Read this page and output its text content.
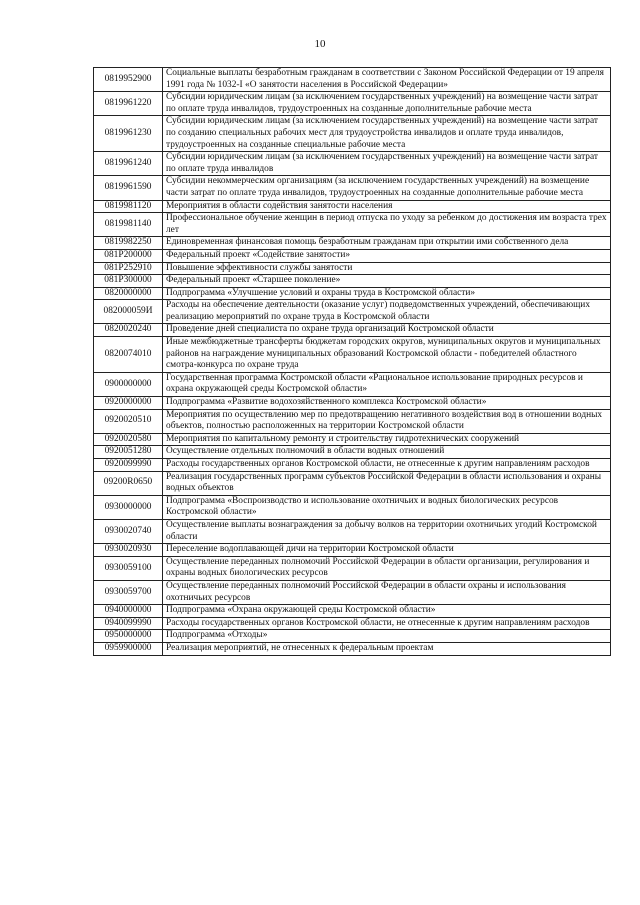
10
0819952900	Социальные выплаты безработным гражданам в соответствии с Законом Российской Федерации от 19 апреля 1991 года № 1032-I «О занятости населения в Российской Федерации»
0819961220	Субсидии юридическим лицам (за исключением государственных учреждений) на возмещение части затрат по оплате труда инвалидов, трудоустроенных на созданные дополнительные рабочие места
0819961230	Субсидии юридическим лицам (за исключением государственных учреждений) на возмещение части затрат по созданию специальных рабочих мест для трудоустройства инвалидов и оплате труда инвалидов, трудоустроенных на созданные специальные рабочие места
0819961240	Субсидии юридическим лицам (за исключением государственных учреждений) на возмещение части затрат по оплате труда инвалидов
0819961590	Субсидии некоммерческим организациям (за исключением государственных учреждений) на возмещение части затрат по оплате труда инвалидов, трудоустроенных на созданные дополнительные рабочие места
0819981120	Мероприятия в области содействия занятости населения
0819981140	Профессиональное обучение женщин в период отпуска по уходу за ребенком до достижения им возраста трех лет
0819982250	Единовременная финансовая помощь безработным гражданам при открытии ими собственного дела
081P200000	Федеральный проект «Содействие занятости»
081P252910	Повышение эффективности службы занятости
081P300000	Федеральный проект «Старшее поколение»
0820000000	Подпрограмма «Улучшение условий и охраны труда в Костромской области»
082000059И	Расходы на обеспечение деятельности (оказание услуг) подведомственных учреждений, обеспечивающих реализацию мероприятий по охране труда в Костромской области
0820020240	Проведение дней специалиста по охране труда организаций Костромской области
0820074010	Иные межбюджетные трансферты бюджетам городских округов, муниципальных округов и муниципальных районов на награждение муниципальных образований Костромской области - победителей областного смотра-конкурса по охране труда
0900000000	Государственная программа Костромской области «Рациональное использование природных ресурсов и охрана окружающей среды Костромской области»
0920000000	Подпрограмма «Развитие водохозяйственного комплекса Костромской области»
0920020510	Мероприятия по осуществлению мер по предотвращению негативного воздействия вод в отношении водных объектов, полностью расположенных на территории Костромской области
0920020580	Мероприятия по капитальному ремонту и строительству гидротехнических сооружений
0920051280	Осуществление отдельных полномочий в области водных отношений
0920099990	Расходы государственных органов Костромской области, не отнесенные к другим направлениям расходов
09200R0650	Реализация государственных программ субъектов Российской Федерации в области использования и охраны водных объектов
0930000000	Подпрограмма «Воспроизводство и использование охотничьих и водных биологических ресурсов Костромской области»
0930020740	Осуществление выплаты вознаграждения за добычу волков на территории охотничьих угодий Костромской области
0930020930	Переселение водоплавающей дичи на территории Костромской области
0930059100	Осуществление переданных полномочий Российской Федерации в области организации, регулирования и охраны водных биологических ресурсов
0930059700	Осуществление переданных полномочий Российской Федерации в области охраны и использования охотничьих ресурсов
0940000000	Подпрограмма «Охрана окружающей среды Костромской области»
0940099990	Расходы государственных органов Костромской области, не отнесенные к другим направлениям расходов
0950000000	Подпрограмма «Отходы»
0959900000	Реализация мероприятий, не отнесенных к федеральным проектам
